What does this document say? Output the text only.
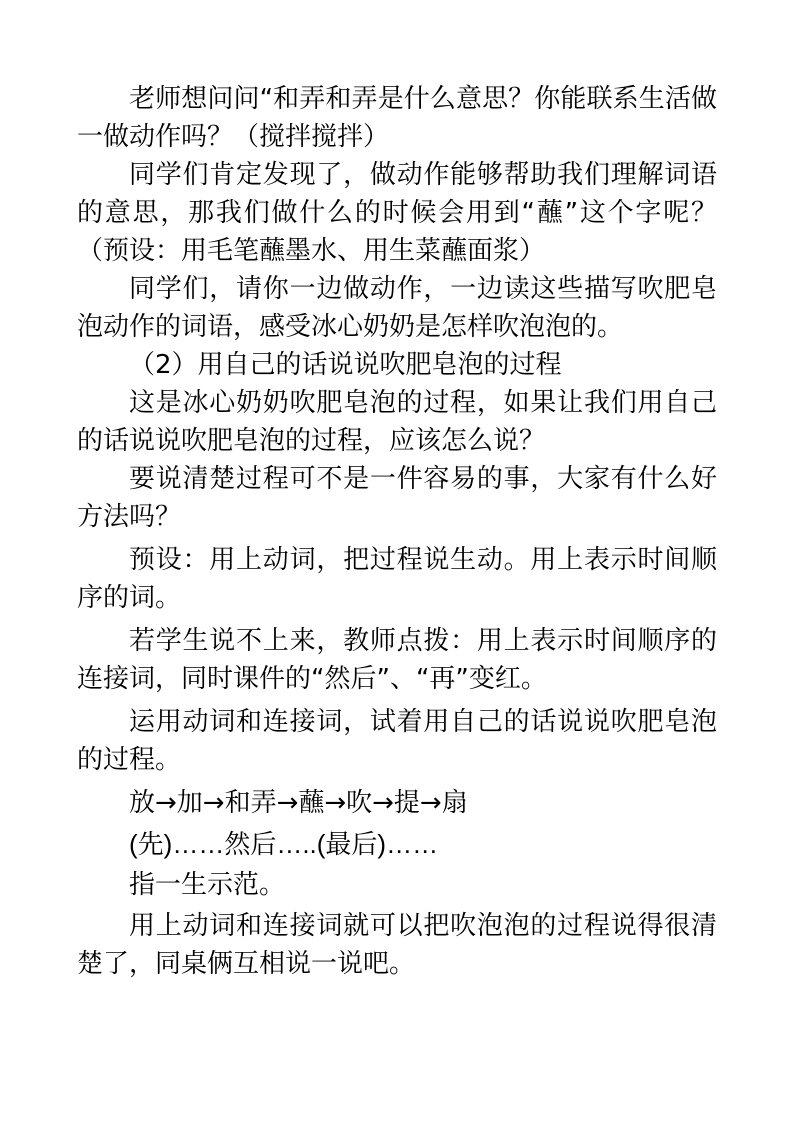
老师想问问“和弄和弄是什么意思？你能联系生活做一做动作吗？（搅拌搅拌）

同学们肯定发现了，做动作能够帮助我们理解词语的意思，那我们做什么的时候会用到“蘸”这个字呢？（预设：用毛笔蘸墨水、用生菜蘸面浆）

同学们，请你一边做动作，一边读这些描写吹肥皂泡动作的词语，感受冰心奶奶是怎样吹泡泡的。

（2）用自己的话说说吹肥皂泡的过程

这是冰心奶奶吹肥皂泡的过程，如果让我们用自己的话说说吹肥皂泡的过程，应该怎么说？

要说清楚过程可不是一件容易的事，大家有什么好方法吗？

预设：用上动词，把过程说生动。用上表示时间顺序的词。

若学生说不上来，教师点拨：用上表示时间顺序的连接词，同时课件的“然后”、“再”变红。

运用动词和连接词，试着用自己的话说说吹肥皂泡的过程。

放→加→和弄→蘸→吹→提→扇

(先)……然后…..(最后)……

指一生示范。

用上动词和连接词就可以把吹泡泡的过程说得很清楚了，同桌俩互相说一说吧。
